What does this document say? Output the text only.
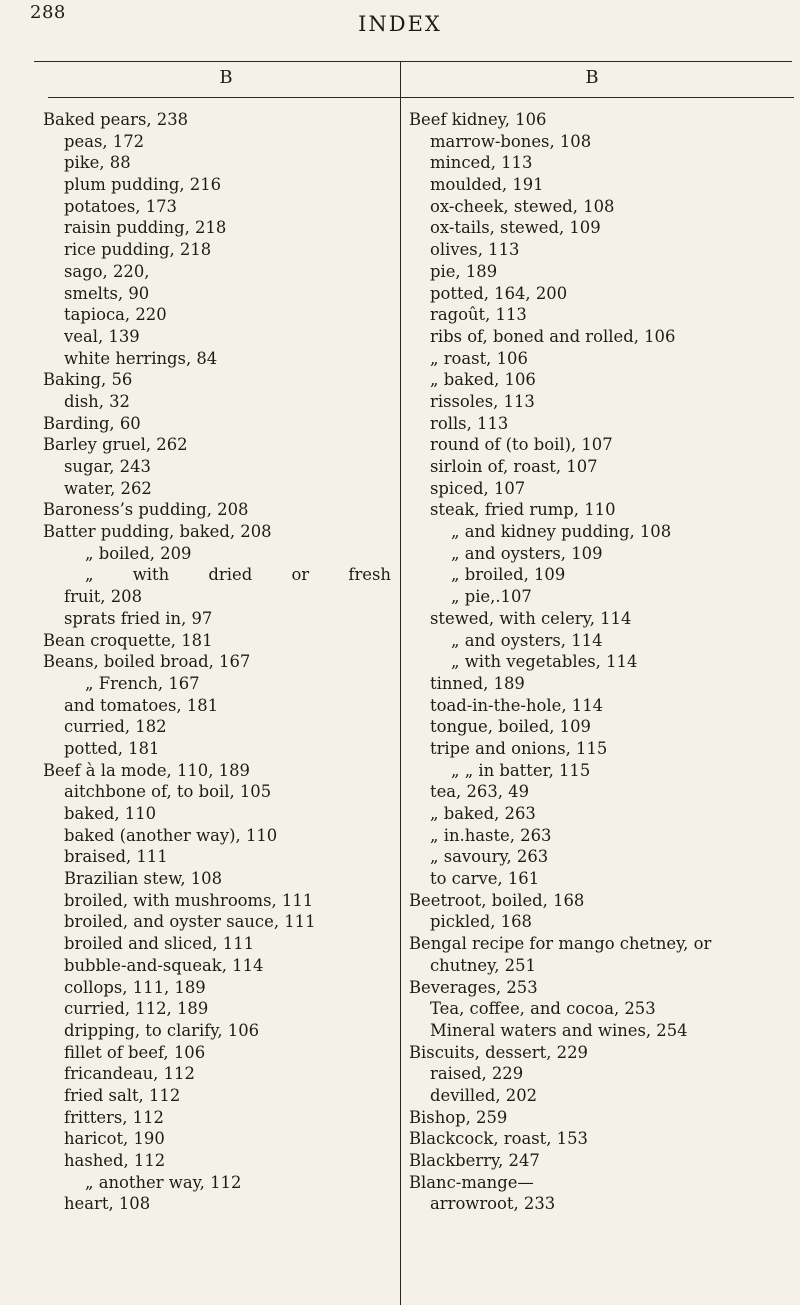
288	INDEX
B	B
Baked pears, 238
peas, 172
pike, 88
plum pudding, 216
potatoes, 173
raisin pudding, 218
rice pudding, 218
sago, 220,
smelts, 90
tapioca, 220
veal, 139
white herrings, 84
Baking, 56
dish, 32
Barding, 60
Barley gruel, 262
sugar, 243
water, 262
Baroness’s pudding, 208
Batter pudding, baked, 208
„ boiled, 209
„ with dried or fresh
fruit, 208
sprats fried in, 97
Bean croquette, 181
Beans, boiled broad, 167
„ French, 167
and tomatoes, 181
curried, 182
potted, 181
Beef à la mode, 110, 189
aitchbone of, to boil, 105
baked, 110
baked (another way), 110
braised, 111
Brazilian stew, 108
broiled, with mushrooms, 111
broiled, and oyster sauce, 111
broiled and sliced, 111
bubble-and-squeak, 114
collops, 111, 189
curried, 112, 189
dripping, to clarify, 106
fillet of beef, 106
fricandeau, 112
fried salt, 112
fritters, 112
haricot, 190
hashed, 112
„ another way, 112
heart, 108
Beef kidney, 106
marrow-bones, 108
minced, 113
moulded, 191
ox-cheek, stewed, 108
ox-tails, stewed, 109
olives, 113
pie, 189
potted, 164, 200
ragoût, 113
ribs of, boned and rolled, 106
„ roast, 106
„ baked, 106
rissoles, 113
rolls, 113
round of (to boil), 107
sirloin of, roast, 107
spiced, 107
steak, fried rump, 110
„ and kidney pudding, 108
„ and oysters, 109
„ broiled, 109
„ pie,.107
stewed, with celery, 114
„ and oysters, 114
„ with vegetables, 114
tinned, 189
toad-in-the-hole, 114
tongue, boiled, 109
tripe and onions, 115
„ „ in batter, 115
tea, 263, 49
„ baked, 263
„ in.haste, 263
„ savoury, 263
to carve, 161
Beetroot, boiled, 168
pickled, 168
Bengal recipe for mango chetney, or
chutney, 251
Beverages, 253
Tea, coffee, and cocoa, 253
Mineral waters and wines, 254
Biscuits, dessert, 229
raised, 229
devilled, 202
Bishop, 259
Blackcock, roast, 153
Blackberry, 247
Blanc-mange—
arrowroot, 233
